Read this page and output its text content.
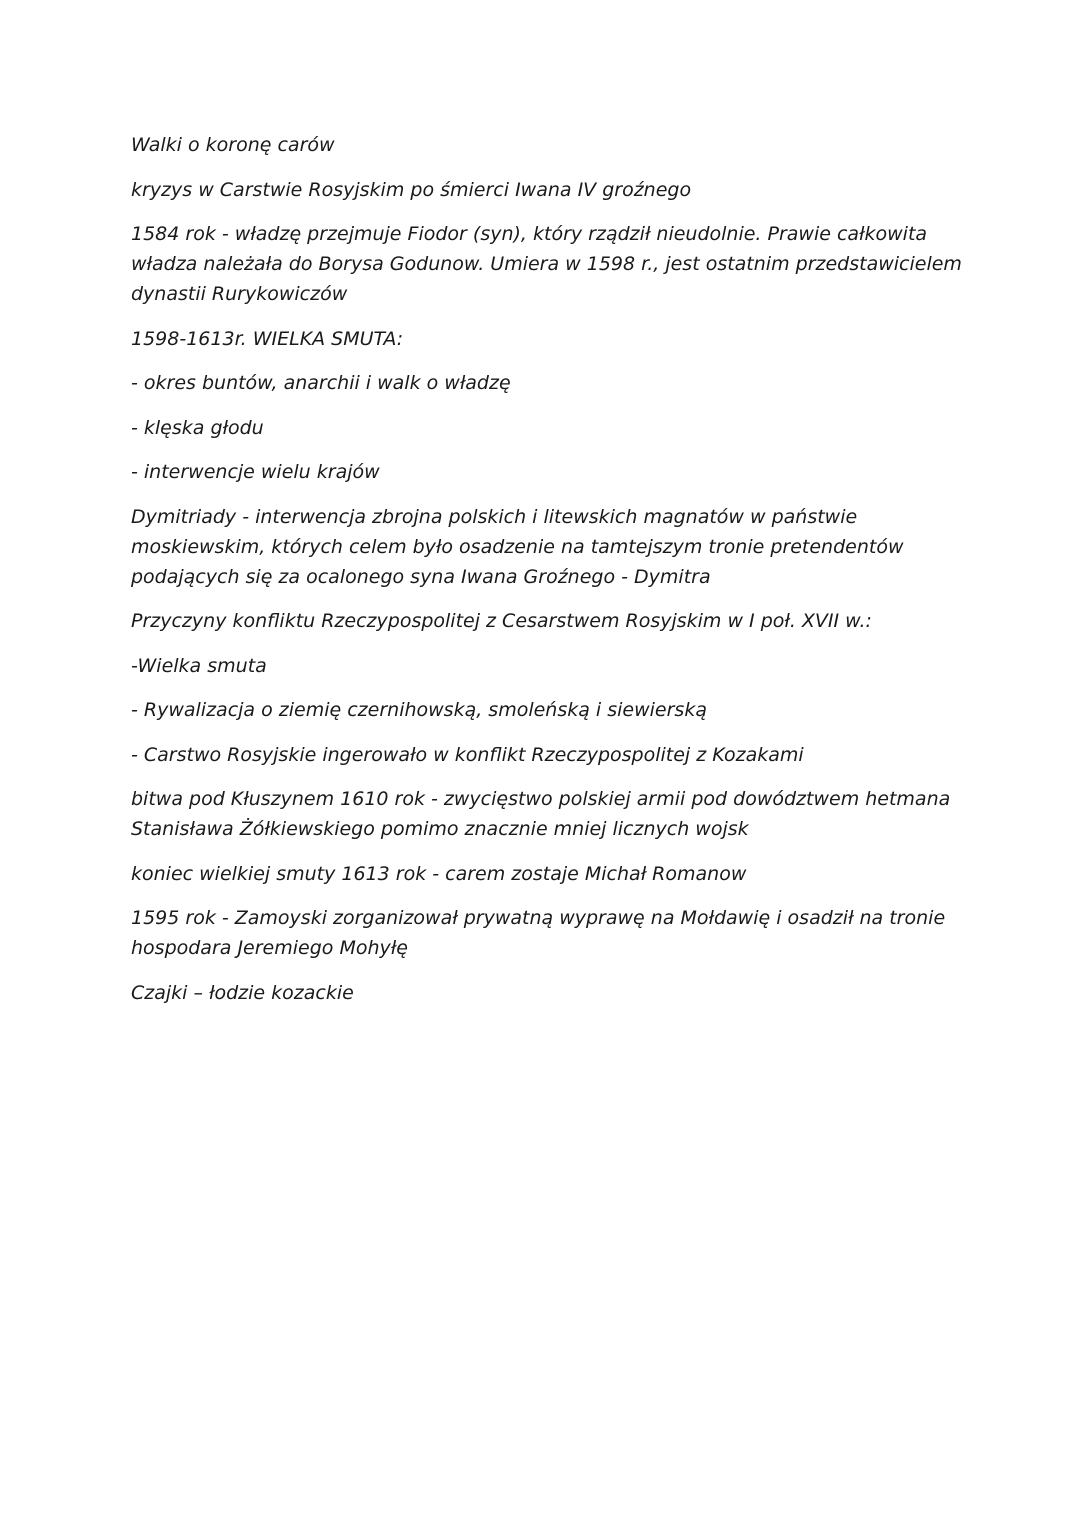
Walki o koronę carów
kryzys w Carstwie Rosyjskim po śmierci Iwana IV groźnego
1584 rok - władzę przejmuje Fiodor (syn), który rządził nieudolnie. Prawie całkowita
władza należała do Borysa Godunow. Umiera w 1598 r., jest ostatnim przedstawicielem
dynastii Rurykowiczów
1598-1613r. WIELKA SMUTA:
- okres buntów, anarchii i walk o władzę
- klęska głodu
- interwencje wielu krajów
Dymitriady - interwencja zbrojna polskich i litewskich magnatów w państwie
moskiewskim, których celem było osadzenie na tamtejszym tronie pretendentów
podających się za ocalonego syna Iwana Groźnego - Dymitra
Przyczyny konfliktu Rzeczypospolitej z Cesarstwem Rosyjskim w I poł. XVII w.:
-Wielka smuta
- Rywalizacja o ziemię czernihowską, smoleńską i siewierską
- Carstwo Rosyjskie ingerowało w konflikt Rzeczypospolitej z Kozakami
bitwa pod Kłuszynem 1610 rok - zwycięstwo polskiej armii pod dowództwem hetmana
Stanisława Żółkiewskiego pomimo znacznie mniej licznych wojsk
koniec wielkiej smuty 1613 rok - carem zostaje Michał Romanow
1595 rok - Zamoyski zorganizował prywatną wyprawę na Mołdawię i osadził na tronie
hospodara Jeremiego Mohyłę
Czajki – łodzie kozackie
